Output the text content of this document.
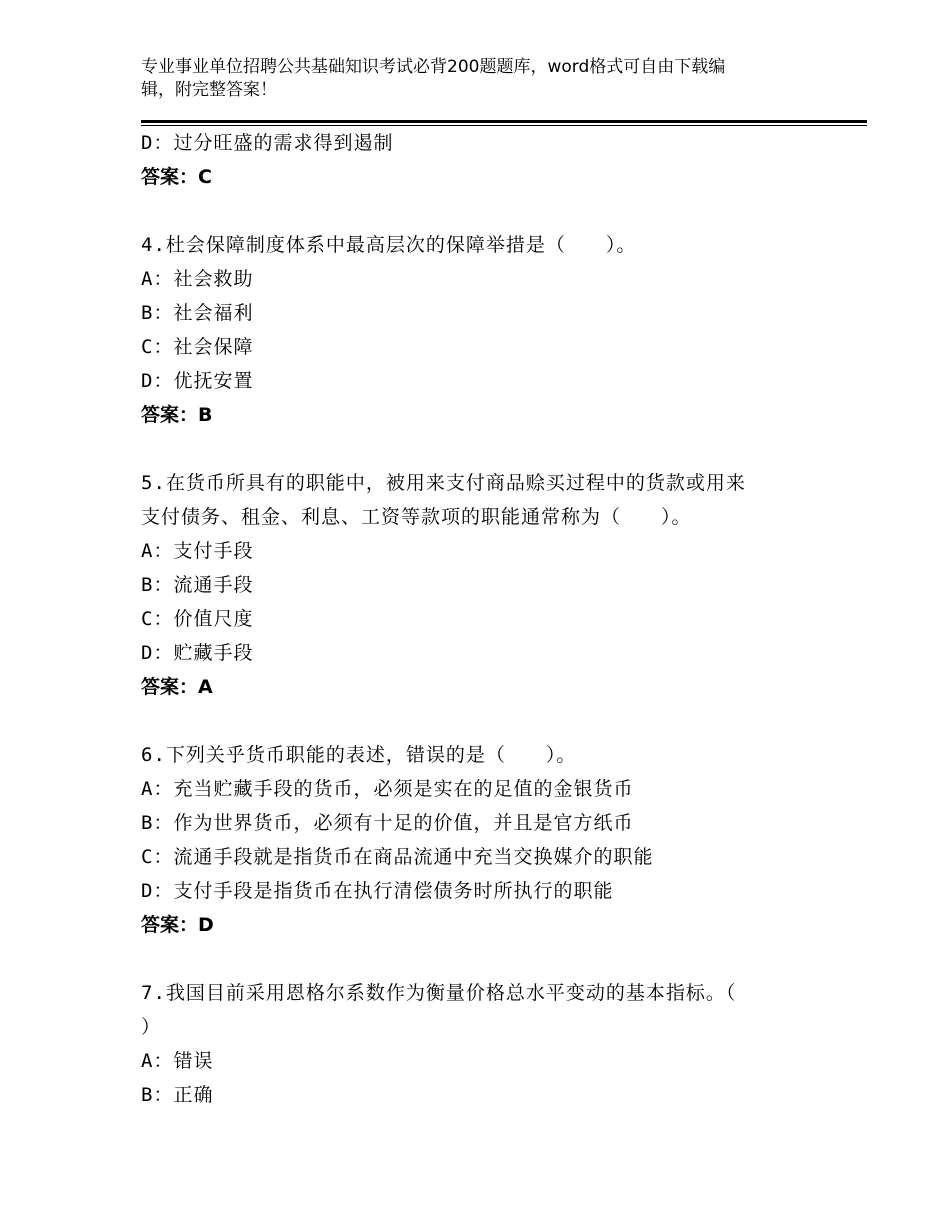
专业事业单位招聘公共基础知识考试必背200题题库，word格式可自由下载编
辑，附完整答案！
D：过分旺盛的需求得到遏制
答案：C
4.杜会保障制度体系中最高层次的保障举措是（　　）。
A：社会救助
B：社会福利
C：社会保障
D：优抚安置
答案：B
5.在货币所具有的职能中，被用来支付商品赊买过程中的货款或用来
支付债务、租金、利息、工资等款项的职能通常称为（　　）。
A：支付手段
B：流通手段
C：价值尺度
D：贮藏手段
答案：A
6.下列关乎货币职能的表述，错误的是（　　）。
A：充当贮藏手段的货币，必须是实在的足值的金银货币
B：作为世界货币，必须有十足的价值，并且是官方纸币
C：流通手段就是指货币在商品流通中充当交换媒介的职能
D：支付手段是指货币在执行清偿债务时所执行的职能
答案：D
7.我国目前采用恩格尔系数作为衡量价格总水平变动的基本指标。（
）
A：错误
B：正确
